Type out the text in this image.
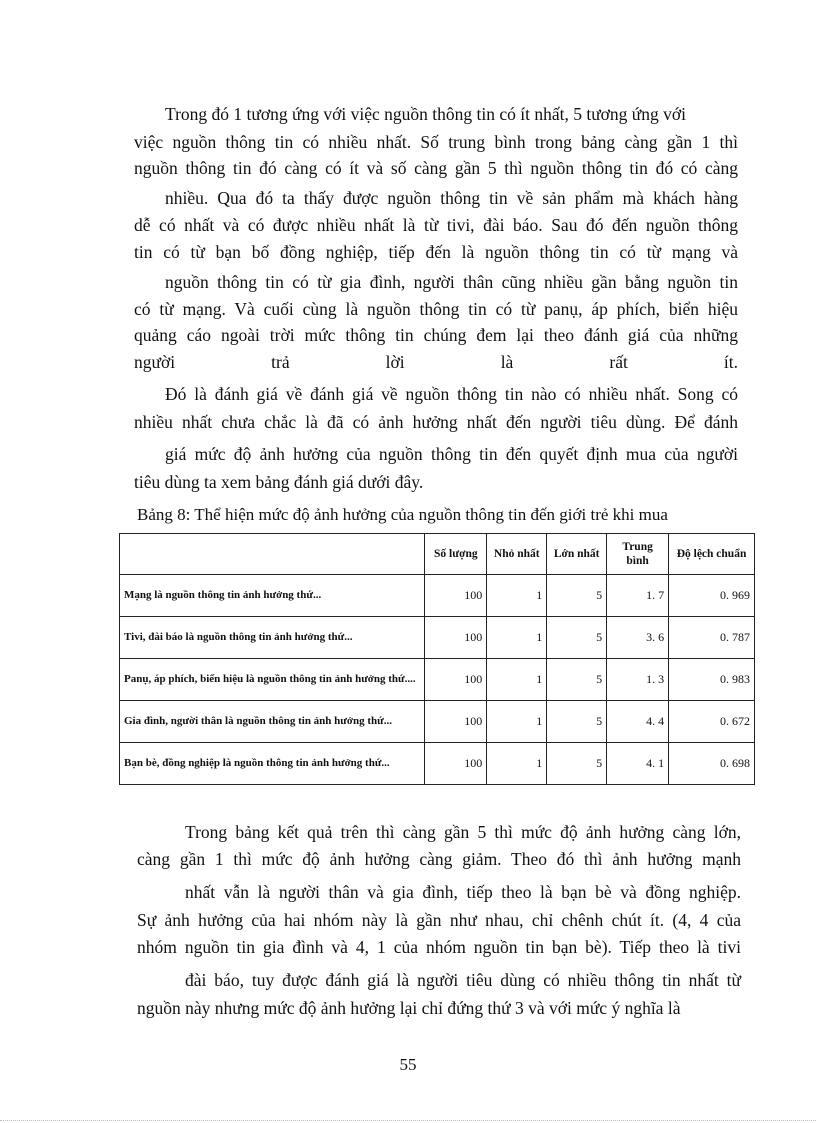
Trong đó 1 tương ứng với việc nguồn thông tin có ít nhất, 5 tương ứng với
việc nguồn thông tin có nhiều nhất. Số trung bình trong bảng càng gần 1 thì
nguồn thông tin đó càng có ít và số càng gần 5 thì nguồn thông tin đó có càng
nhiều. Qua đó ta thấy được nguồn thông tin về sản phẩm mà khách hàng
dễ có nhất và có được nhiều nhất là từ tivi, đài báo. Sau đó đến nguồn thông
tin có từ bạn bố đồng nghiệp, tiếp đến là nguồn thông tin có từ mạng và
nguồn thông tin có từ gia đình, người thân cũng nhiều gần bằng nguồn tin
có từ mạng. Và cuối cùng là nguồn thông tin có từ panụ, áp phích, biển hiệu
quảng cáo ngoài trời mức thông tin chúng đem lại theo đánh giá của những
người trả lời là rất ít.
Đó là đánh giá về đánh giá về nguồn thông tin nào có nhiều nhất. Song có
nhiều nhất chưa chắc là đã có ảnh hưởng nhất đến người tiêu dùng. Để đánh
giá mức độ ảnh hưởng của nguồn thông tin đến quyết định mua của người
tiêu dùng ta xem bảng đánh giá dưới đây.
Bảng 8: Thể hiện mức độ ảnh hưởng của nguồn thông tin đến giới trẻ khi mua
	Số lượng	Nhỏ nhất	Lớn nhất	Trung bình	Độ lệch chuẩn
Mạng là nguồn thông tin ảnh hưởng thứ...	100	1	5	1. 7	0. 969
Tivi, đài báo là nguồn thông tin ảnh hưởng thứ...	100	1	5	3. 6	0. 787
Panụ, áp phích, biển hiệu là nguồn thông tin ảnh hưởng thứ....	100	1	5	1. 3	0. 983
Gia đình, người thân là nguồn thông tin ảnh hưởng thứ...	100	1	5	4. 4	0. 672
Bạn bè, đồng nghiệp là nguồn thông tin ảnh hưởng thứ...	100	1	5	4. 1	0. 698
Trong bảng kết quả trên thì càng gần 5 thì mức độ ảnh hưởng càng lớn,
càng gần 1 thì mức độ ảnh hưởng càng giảm. Theo đó thì ảnh hưởng mạnh
nhất vẫn là người thân và gia đình, tiếp theo là bạn bè và đồng nghiệp.
Sự ảnh hưởng của hai nhóm này là gần như nhau, chỉ chênh chút ít. (4, 4 của
nhóm nguồn tin gia đình và 4, 1 của nhóm nguồn tin bạn bè). Tiếp theo là tivi
đài báo, tuy được đánh giá là người tiêu dùng có nhiều thông tin nhất từ
nguồn này nhưng mức độ ảnh hưởng lại chỉ đứng thứ 3 và với mức ý nghĩa là
55
